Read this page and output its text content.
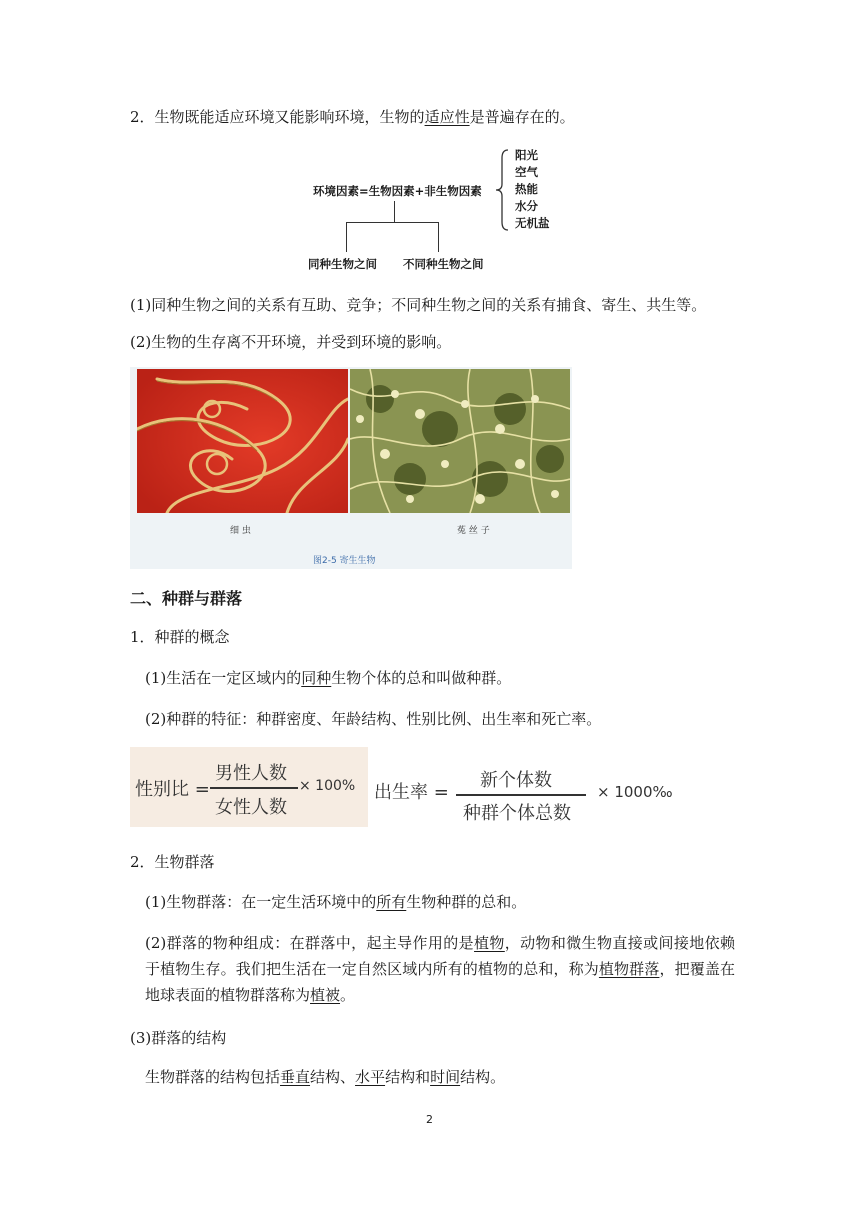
2．生物既能适应环境又能影响环境，生物的适应性是普遍存在的。
环境因素=生物因素+非生物因素
阳光
空气
热能
水分
无机盐
同种生物之间 不同种生物之间
(1)同种生物之间的关系有互助、竞争；不同种生物之间的关系有捕食、寄生、共生等。
(2)生物的生存离不开环境，并受到环境的影响。
细 虫	菟 丝 子
图2-5 寄生生物
二、种群与群落
1．种群的概念
(1)生活在一定区域内的同种生物个体的总和叫做种群。
(2)种群的特征：种群密度、年龄结构、性别比例、出生率和死亡率。
性别比 =
男性人数
女性人数
× 100% 出生率 =
新个体数
种群个体总数
× 1000‰
2．生物群落
(1)生物群落：在一定生活环境中的所有生物种群的总和。
(2)群落的物种组成：在群落中，起主导作用的是植物，动物和微生物直接或间接地依赖于植物生存。我们把生活在一定自然区域内所有的植物的总和，称为植物群落，把覆盖在地球表面的植物群落称为植被。
(3)群落的结构
生物群落的结构包括垂直结构、水平结构和时间结构。
2
